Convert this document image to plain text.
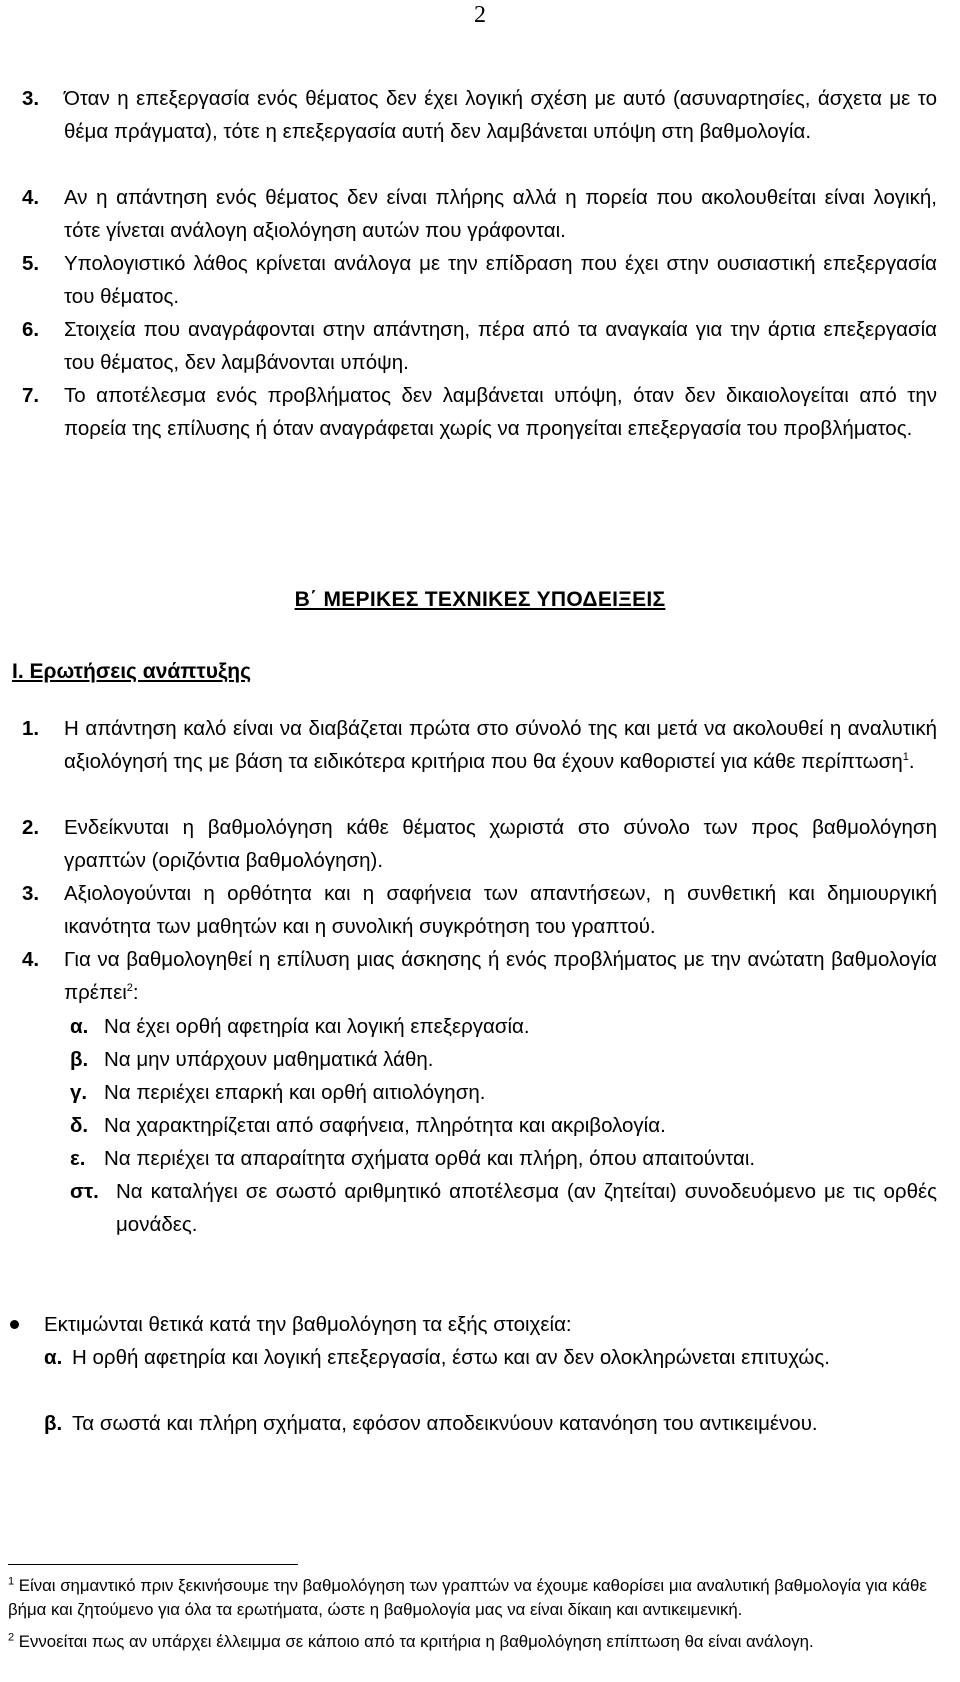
2
3. Όταν η επεξεργασία ενός θέματος δεν έχει λογική σχέση με αυτό (ασυναρτησίες, άσχετα με το θέμα πράγματα), τότε η επεξεργασία αυτή δεν λαμβάνεται υπόψη στη βαθμολογία.
4. Αν η απάντηση ενός θέματος δεν είναι πλήρης αλλά η πορεία που ακολουθείται είναι λογική, τότε γίνεται ανάλογη αξιολόγηση αυτών που γράφονται.
5. Υπολογιστικό λάθος κρίνεται ανάλογα με την επίδραση που έχει στην ουσιαστική επεξεργασία του θέματος.
6. Στοιχεία που αναγράφονται στην απάντηση, πέρα από τα αναγκαία για την άρτια επεξεργασία του θέματος, δεν λαμβάνονται υπόψη.
7. Το αποτέλεσμα ενός προβλήματος δεν λαμβάνεται υπόψη, όταν δεν δικαιολογείται από την πορεία της επίλυσης ή όταν αναγράφεται χωρίς να προηγείται επεξεργασία του προβλήματος.
Β΄ ΜΕΡΙΚΕΣ ΤΕΧΝΙΚΕΣ ΥΠΟΔΕΙΞΕΙΣ
Ι. Ερωτήσεις ανάπτυξης
1. Η απάντηση καλό είναι να διαβάζεται πρώτα στο σύνολό της και μετά να ακολουθεί η αναλυτική αξιολόγησή της με βάση τα ειδικότερα κριτήρια που θα έχουν καθοριστεί για κάθε περίπτωση$^1$.
2. Ενδείκνυται η βαθμολόγηση κάθε θέματος χωριστά στο σύνολο των προς βαθμολόγηση γραπτών (οριζόντια βαθμολόγηση).
3. Αξιολογούνται η ορθότητα και η σαφήνεια των απαντήσεων, η συνθετική και δημιουργική ικανότητα των μαθητών και η συνολική συγκρότηση του γραπτού.
4. Για να βαθμολογηθεί η επίλυση μιας άσκησης ή ενός προβλήματος με την ανώτατη βαθμολογία πρέπει$^2$:
α. Να έχει ορθή αφετηρία και λογική επεξεργασία.
β. Να μην υπάρχουν μαθηματικά λάθη.
γ. Να περιέχει επαρκή και ορθή αιτιολόγηση.
δ. Να χαρακτηρίζεται από σαφήνεια, πληρότητα και ακριβολογία.
ε. Να περιέχει τα απαραίτητα σχήματα ορθά και πλήρη, όπου απαιτούνται.
στ. Να καταλήγει σε σωστό αριθμητικό αποτέλεσμα (αν ζητείται) συνοδευόμενο με τις ορθές μονάδες.
Εκτιμώνται θετικά κατά την βαθμολόγηση τα εξής στοιχεία:
α. Η ορθή αφετηρία και λογική επεξεργασία, έστω και αν δεν ολοκληρώνεται επιτυχώς.
β. Τα σωστά και πλήρη σχήματα, εφόσον αποδεικνύουν κατανόηση του αντικειμένου.
$^1$ Είναι σημαντικό πριν ξεκινήσουμε την βαθμολόγηση των γραπτών να έχουμε καθορίσει μια αναλυτική βαθμολογία για κάθε βήμα και ζητούμενο για όλα τα ερωτήματα, ώστε η βαθμολογία μας να είναι δίκαιη και αντικειμενική.
$^2$ Εννοείται πως αν υπάρχει έλλειμμα σε κάποιο από τα κριτήρια η βαθμολόγηση επίπτωση θα είναι ανάλογη.
